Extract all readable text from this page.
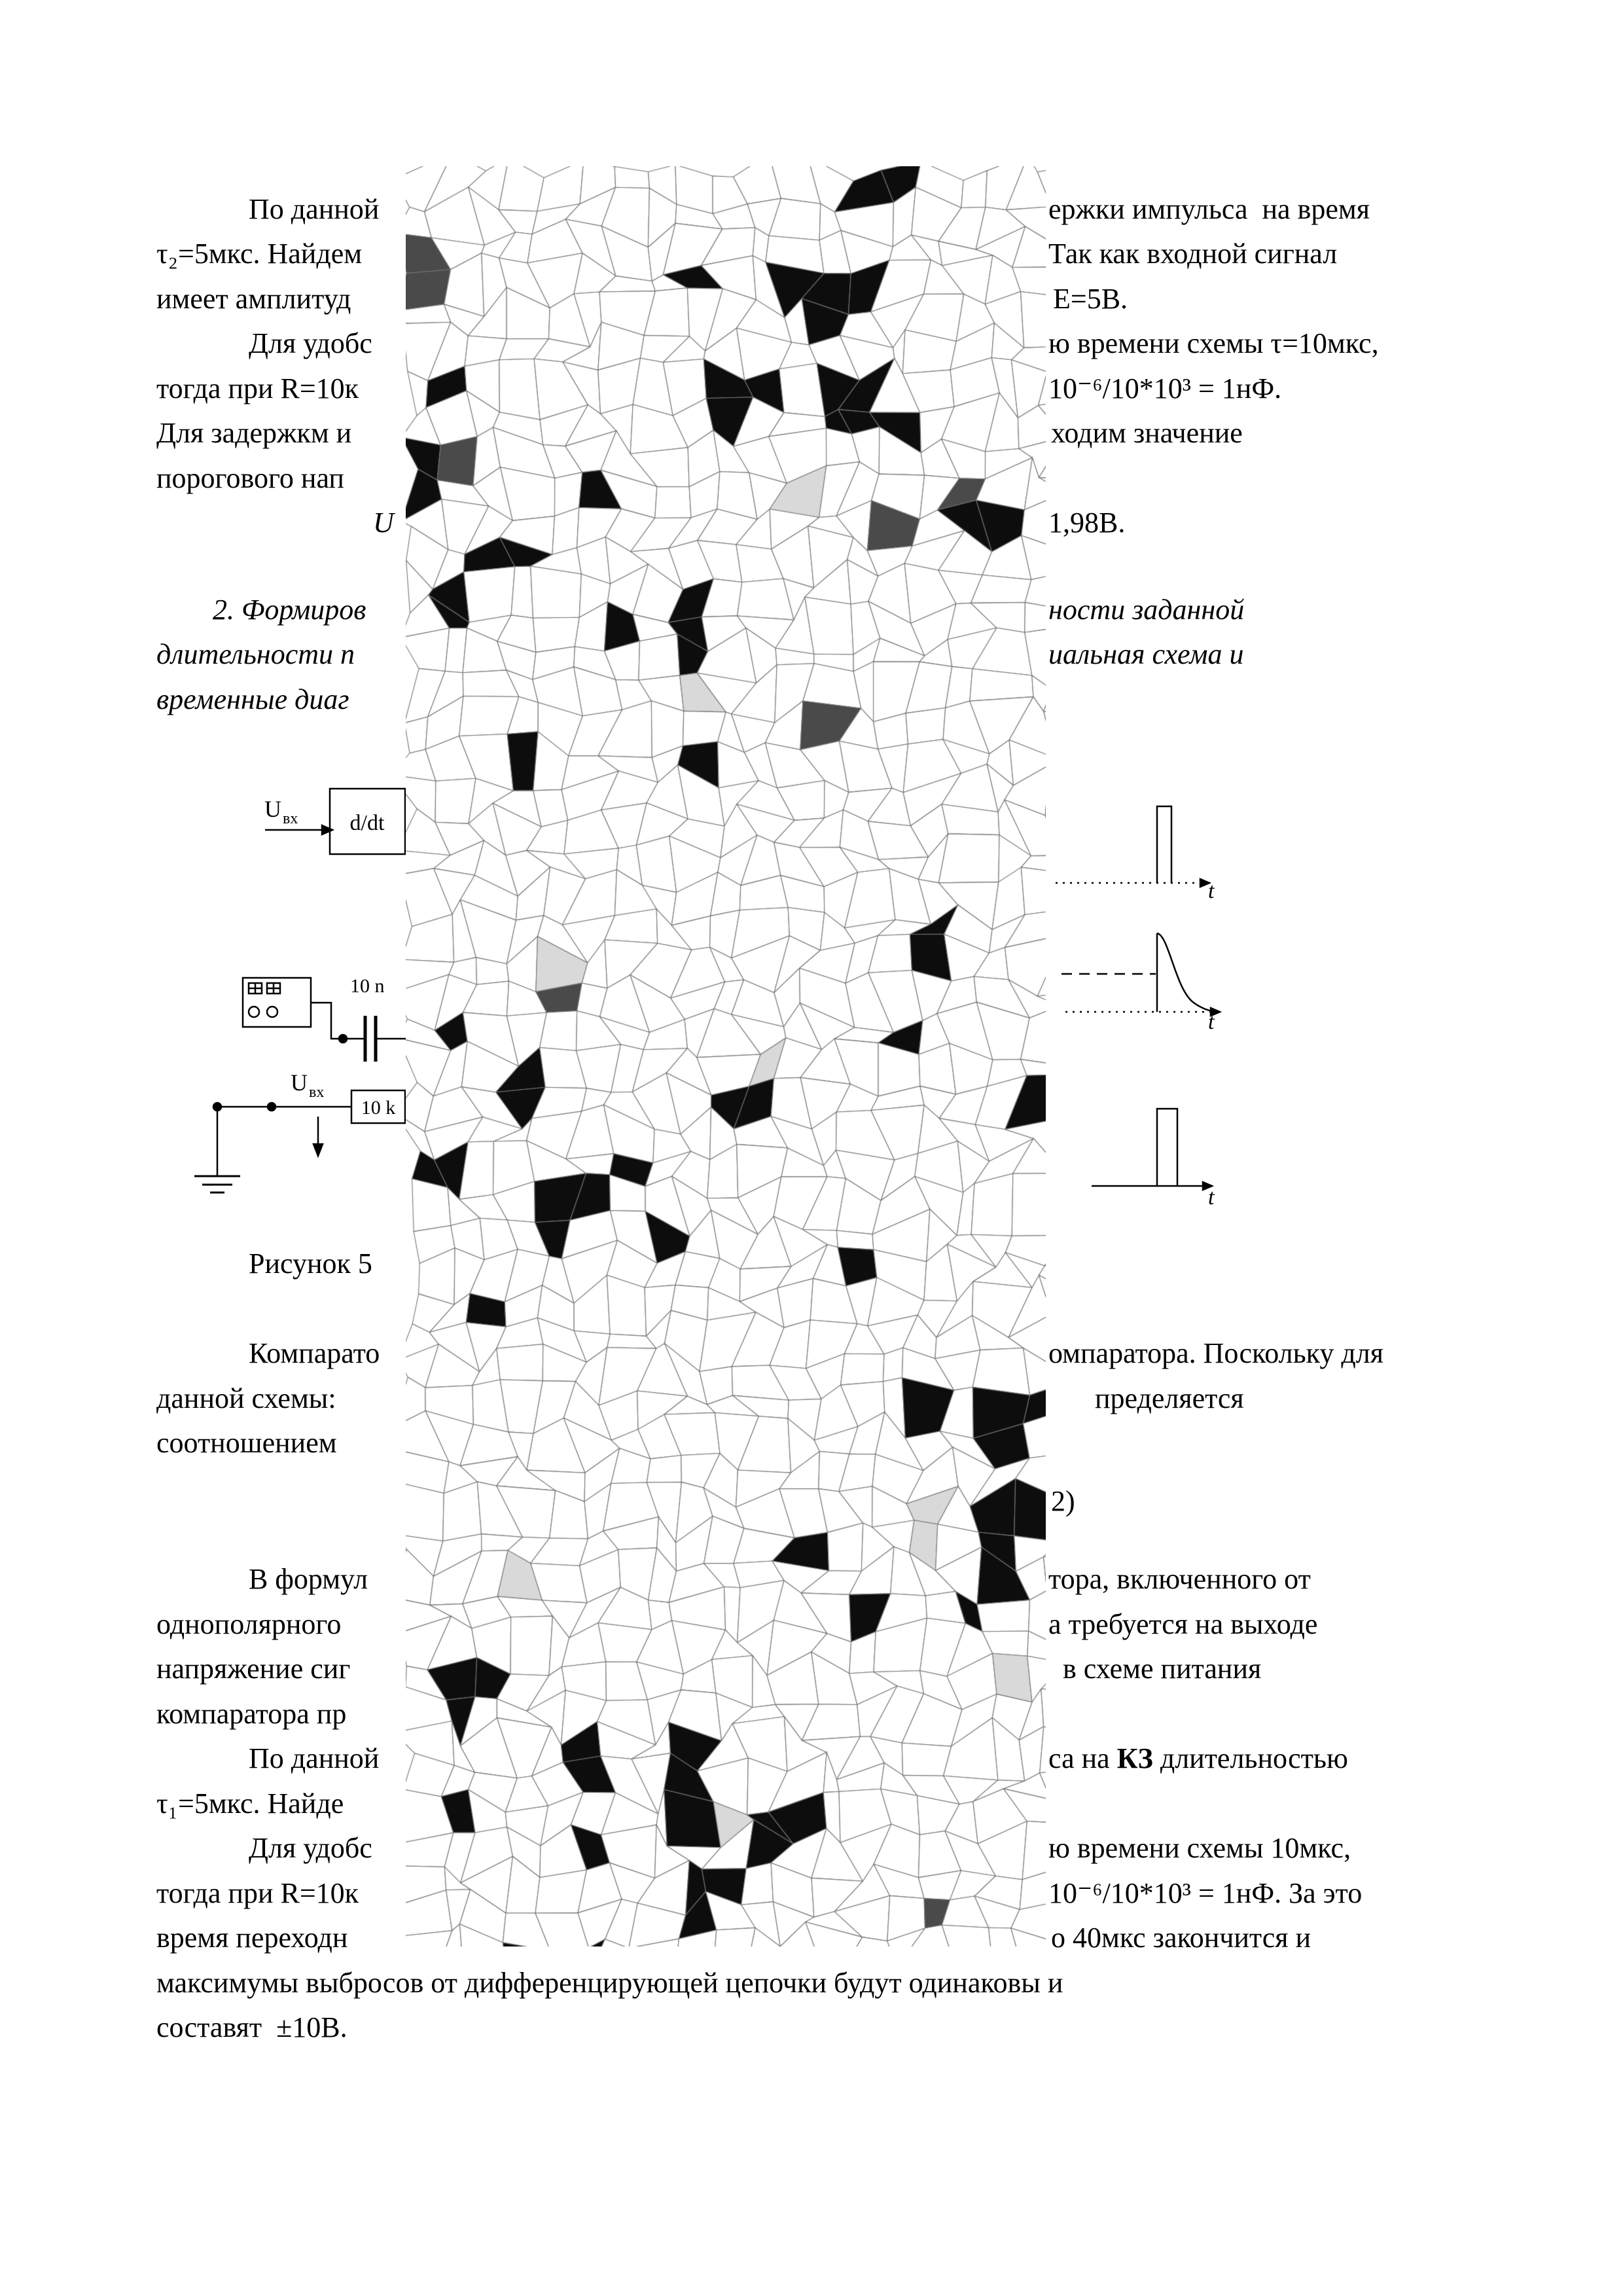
По данной	ержки импульса  на время
τ₂=5мкс. Найдем	Так как входной сигнал
имеет амплитуд	Е=5В.
Для удобс	ю времени схемы τ=10мкс,
тогда при R=10к	10⁻⁶/10*10³ = 1нФ.
Для задержкм и	ходим значение
порогового нап
U	1,98В.
2. Формиров	ности заданной
длительности п	иальная схема и
временные диаг
Рисунок 5
Компарато	омпаратора. Поскольку для
данной схемы:	пределяется
соотношением
2)
В формул	тора, включенного от
однополярного	а требуется на выходе
напряжение сиг	в схеме питания
компаратора пр
По данной	са на КЗ длительностью
τ₁=5мкс. Найде
Для удобс	ю времени схемы 10мкс,
тогда при R=10к	10⁻⁶/10*10³ = 1нФ. За это
время переходн	о 40мкс закончится и
максимумы выбросов от дифференцирующей цепочки будут одинаковы и
составят  ±10В.
U вх d/dt
10 n
U вх
10 k
t
t
t
